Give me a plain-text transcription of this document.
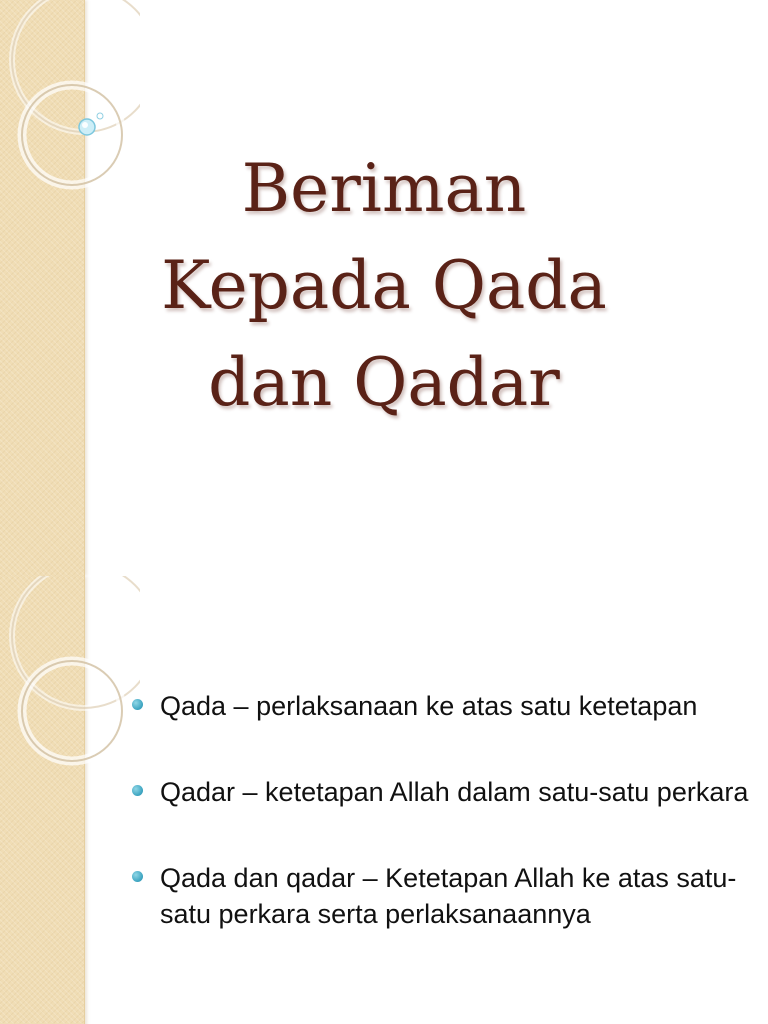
Beriman
Kepada Qada
dan Qadar
Qada – perlaksanaan ke atas satu ketetapan
Qadar – ketetapan Allah dalam satu-satu perkara
Qada dan qadar – Ketetapan Allah ke atas satu-satu perkara serta perlaksanaannya
